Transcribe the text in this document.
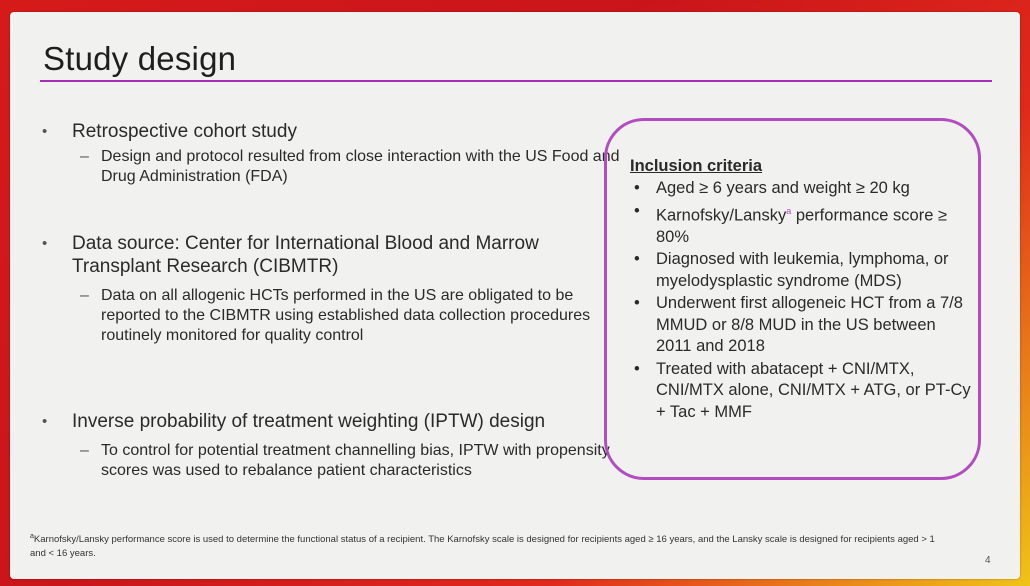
Study design
• Retrospective cohort study
– Design and protocol resulted from close interaction with the US Food and Drug Administration (FDA)
• Data source: Center for International Blood and Marrow Transplant Research (CIBMTR)
– Data on all allogenic HCTs performed in the US are obligated to be reported to the CIBMTR using established data collection procedures routinely monitored for quality control
• Inverse probability of treatment weighting (IPTW) design
– To control for potential treatment channelling bias, IPTW with propensity scores was used to rebalance patient characteristics
4
Inclusion criteria
• Aged ≥ 6 years and weight ≥ 20 kg
• Karnofsky/Lansky$^a$ performance score ≥ 80%
• Diagnosed with leukemia, lymphoma, or myelodysplastic syndrome (MDS)
• Underwent first allogeneic HCT from a 7/8 MMUD or 8/8 MUD in the US between 2011 and 2018
• Treated with abatacept + CNI/MTX, CNI/MTX alone, CNI/MTX + ATG, or PT-Cy + Tac + MMF
$^a$Karnofsky/Lansky performance score is used to determine the functional status of a recipient. The Karnofsky scale is designed for recipients aged ≥ 16 years, and the Lansky scale is designed for recipients aged > 1 and < 16 years.
